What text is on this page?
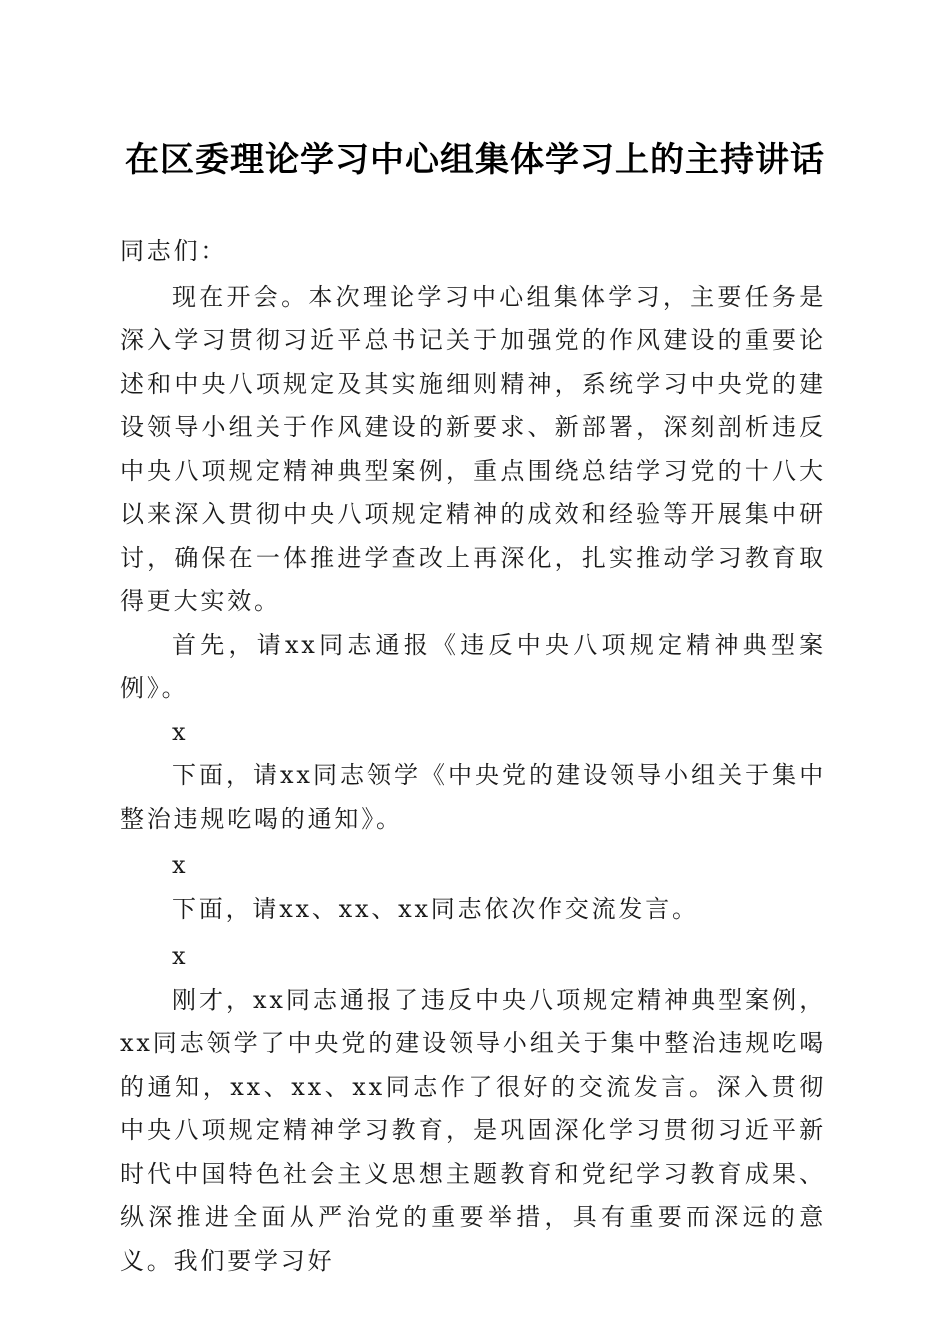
在区委理论学习中心组集体学习上的主持讲话

同志们：

现在开会。本次理论学习中心组集体学习，主要任务是深入学习贯彻习近平总书记关于加强党的作风建设的重要论述和中央八项规定及其实施细则精神，系统学习中央党的建设领导小组关于作风建设的新要求、新部署，深刻剖析违反中央八项规定精神典型案例，重点围绕总结学习党的十八大以来深入贯彻中央八项规定精神的成效和经验等开展集中研讨，确保在一体推进学查改上再深化，扎实推动学习教育取得更大实效。

首先，请xx同志通报《违反中央八项规定精神典型案例》。

x

下面，请xx同志领学《中央党的建设领导小组关于集中整治违规吃喝的通知》。

x

下面，请xx、xx、xx同志依次作交流发言。

x

刚才，xx同志通报了违反中央八项规定精神典型案例，xx同志领学了中央党的建设领导小组关于集中整治违规吃喝的通知，xx、xx、xx同志作了很好的交流发言。深入贯彻中央八项规定精神学习教育，是巩固深化学习贯彻习近平新时代中国特色社会主义思想主题教育和党纪学习教育成果、纵深推进全面从严治党的重要举措，具有重要而深远的意义。我们要学习好
